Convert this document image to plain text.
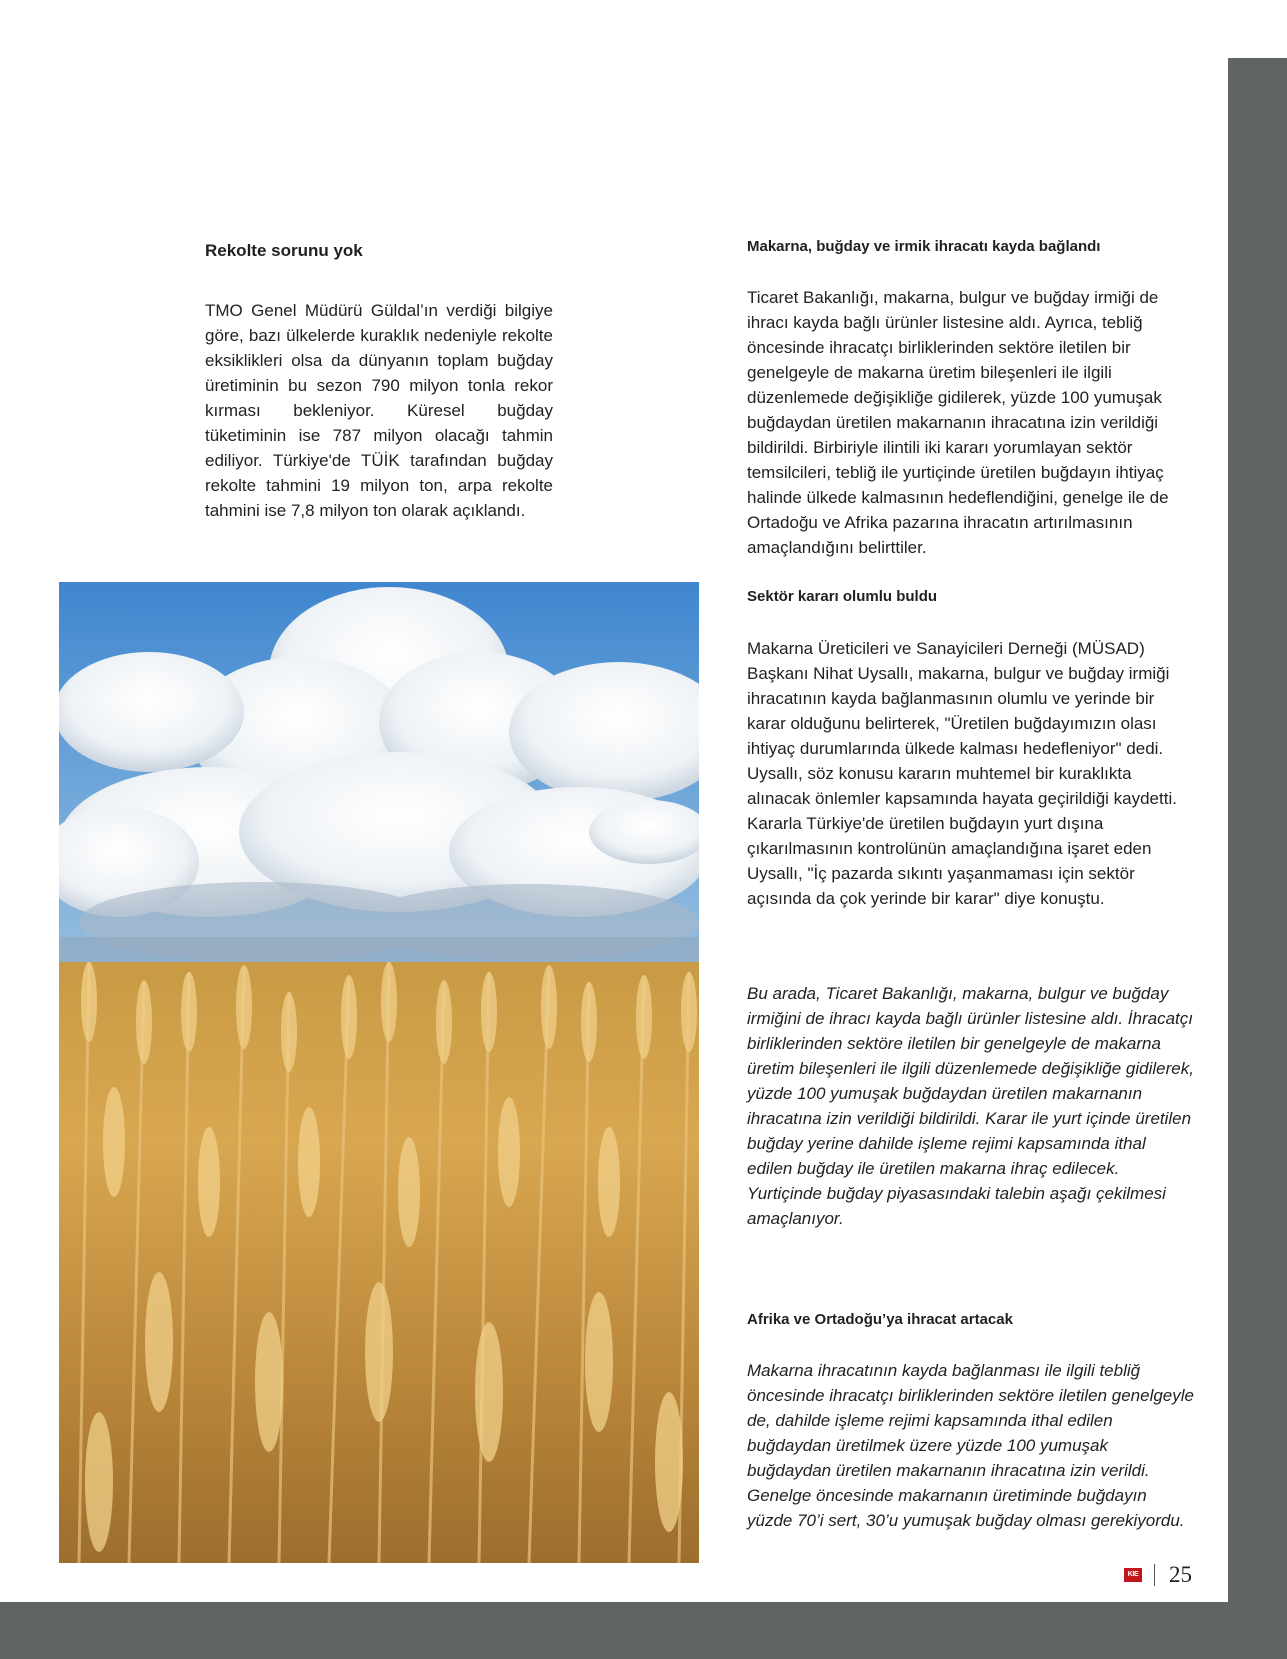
Rekolte sorunu yok

TMO Genel Müdürü Güldal’ın verdiği bilgiye göre, bazı ülkelerde kuraklık nedeniyle rekolte eksiklikleri olsa da dünyanın toplam buğday üretiminin bu sezon 790 milyon tonla rekor kırması bekleniyor. Küresel buğday tüketiminin ise 787 milyon olacağı tahmin ediliyor. Türkiye'de TÜİK tarafından buğday rekolte tahmini 19 milyon ton, arpa rekolte tahmini ise 7,8 milyon ton olarak açıklandı.

Makarna, buğday ve irmik ihracatı kayda bağlandı

Ticaret Bakanlığı, makarna, bulgur ve buğday irmiği de ihracı kayda bağlı ürünler listesine aldı. Ayrıca, tebliğ öncesinde ihracatçı birliklerinden sektöre iletilen bir genelgeyle de makarna üretim bileşenleri ile ilgili düzenlemede değişikliğe gidilerek, yüzde 100 yumuşak buğdaydan üretilen makarnanın ihracatına izin verildiği bildirildi. Birbiriyle ilintili iki kararı yorumlayan sektör temsilcileri, tebliğ ile yurtiçinde üretilen buğdayın ihtiyaç halinde ülkede kalmasının hedeflendiğini, genelge ile de Ortadoğu ve Afrika pazarına ihracatın artırılmasının amaçlandığını belirttiler.

Sektör kararı olumlu buldu

Makarna Üreticileri ve Sanayicileri Derneği (MÜSAD) Başkanı Nihat Uysallı, makarna, bulgur ve buğday irmiği ihracatının kayda bağlanmasının olumlu ve yerinde bir karar olduğunu belirterek, "Üretilen buğdayımızın olası ihtiyaç durumlarında ülkede kalması hedefleniyor" dedi. Uysallı, söz konusu kararın muhtemel bir kuraklıkta alınacak önlemler kapsamında hayata geçirildiği kaydetti. Kararla Türkiye'de üretilen buğdayın yurt dışına çıkarılmasının kontrolünün amaçlandığına işaret eden Uysallı, "İç pazarda sıkıntı yaşanmaması için sektör açısında da çok yerinde bir karar" diye konuştu.

Bu arada, Ticaret Bakanlığı, makarna, bulgur ve buğday irmiğini de ihracı kayda bağlı ürünler listesine aldı. İhracatçı birliklerinden sektöre iletilen bir genelgeyle de makarna üretim bileşenleri ile ilgili düzenlemede değişikliğe gidilerek, yüzde 100 yumuşak buğdaydan üretilen makarnanın ihracatına izin verildiği bildirildi. Karar ile yurt içinde üretilen buğday yerine dahilde işleme rejimi kapsamında ithal edilen buğday ile üretilen makarna ihraç edilecek. Yurtiçinde buğday piyasasındaki talebin aşağı çekilmesi amaçlanıyor.

Afrika ve Ortadoğu’ya ihracat artacak

Makarna ihracatının kayda bağlanması ile ilgili tebliğ öncesinde ihracatçı birliklerinden sektöre iletilen genelgeyle de, dahilde işleme rejimi kapsamında ithal edilen buğdaydan üretilmek üzere yüzde 100 yumuşak buğdaydan üretilen makarnanın ihracatına izin verildi. Genelge öncesinde makarnanın üretiminde buğdayın yüzde 70’i sert, 30’u yumuşak buğday olması gerekiyordu.

KIE 25
